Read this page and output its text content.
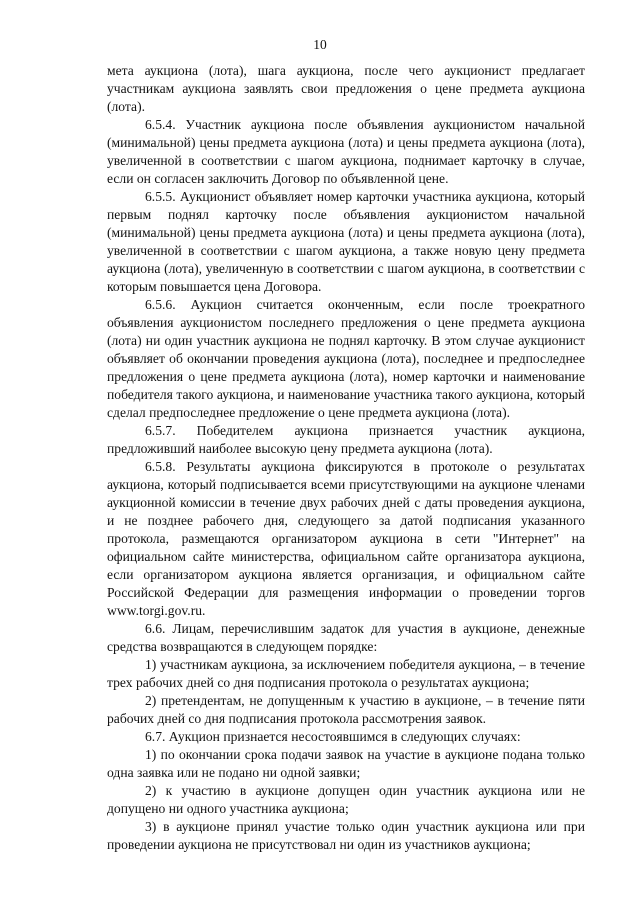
10

мета аукциона (лота), шага аукциона, после чего аукционист предлагает участникам аукциона заявлять свои предложения о цене предмета аукциона (лота).

6.5.4. Участник аукциона после объявления аукционистом начальной (минимальной) цены предмета аукциона (лота) и цены предмета аукциона (лота), увеличенной в соответствии с шагом аукциона, поднимает карточку в случае, если он согласен заключить Договор по объявленной цене.

6.5.5. Аукционист объявляет номер карточки участника аукциона, который первым поднял карточку после объявления аукционистом начальной (минимальной) цены предмета аукциона (лота) и цены предмета аукциона (лота), увеличенной в соответствии с шагом аукциона, а также новую цену предмета аукциона (лота), увеличенную в соответствии с шагом аукциона, в соответствии с которым повышается цена Договора.

6.5.6. Аукцион считается оконченным, если после троекратного объявления аукционистом последнего предложения о цене предмета аукциона (лота) ни один участник аукциона не поднял карточку. В этом случае аукционист объявляет об окончании проведения аукциона (лота), последнее и предпоследнее предложения о цене предмета аукциона (лота), номер карточки и наименование победителя такого аукциона, и наименование участника такого аукциона, который сделал предпоследнее предложение о цене предмета аукциона (лота).

6.5.7. Победителем аукциона признается участник аукциона, предложивший наиболее высокую цену предмета аукциона (лота).

6.5.8. Результаты аукциона фиксируются в протоколе о результатах аукциона, который подписывается всеми присутствующими на аукционе членами аукционной комиссии в течение двух рабочих дней с даты проведения аукциона, и не позднее рабочего дня, следующего за датой подписания указанного протокола, размещаются организатором аукциона в сети "Интернет" на официальном сайте министерства, официальном сайте организатора аукциона, если организатором аукциона является организация, и официальном сайте Российской Федерации для размещения информации о проведении торгов www.torgi.gov.ru.

6.6. Лицам, перечислившим задаток для участия в аукционе, денежные средства возвращаются в следующем порядке:

1) участникам аукциона, за исключением победителя аукциона, – в течение трех рабочих дней со дня подписания протокола о результатах аукциона;

2) претендентам, не допущенным к участию в аукционе, – в течение пяти рабочих дней со дня подписания протокола рассмотрения заявок.

6.7. Аукцион признается несостоявшимся в следующих случаях:

1) по окончании срока подачи заявок на участие в аукционе подана только одна заявка или не подано ни одной заявки;

2) к участию в аукционе допущен один участник аукциона или не допущено ни одного участника аукциона;

3) в аукционе принял участие только один участник аукциона или при проведении аукциона не присутствовал ни один из участников аукциона;
